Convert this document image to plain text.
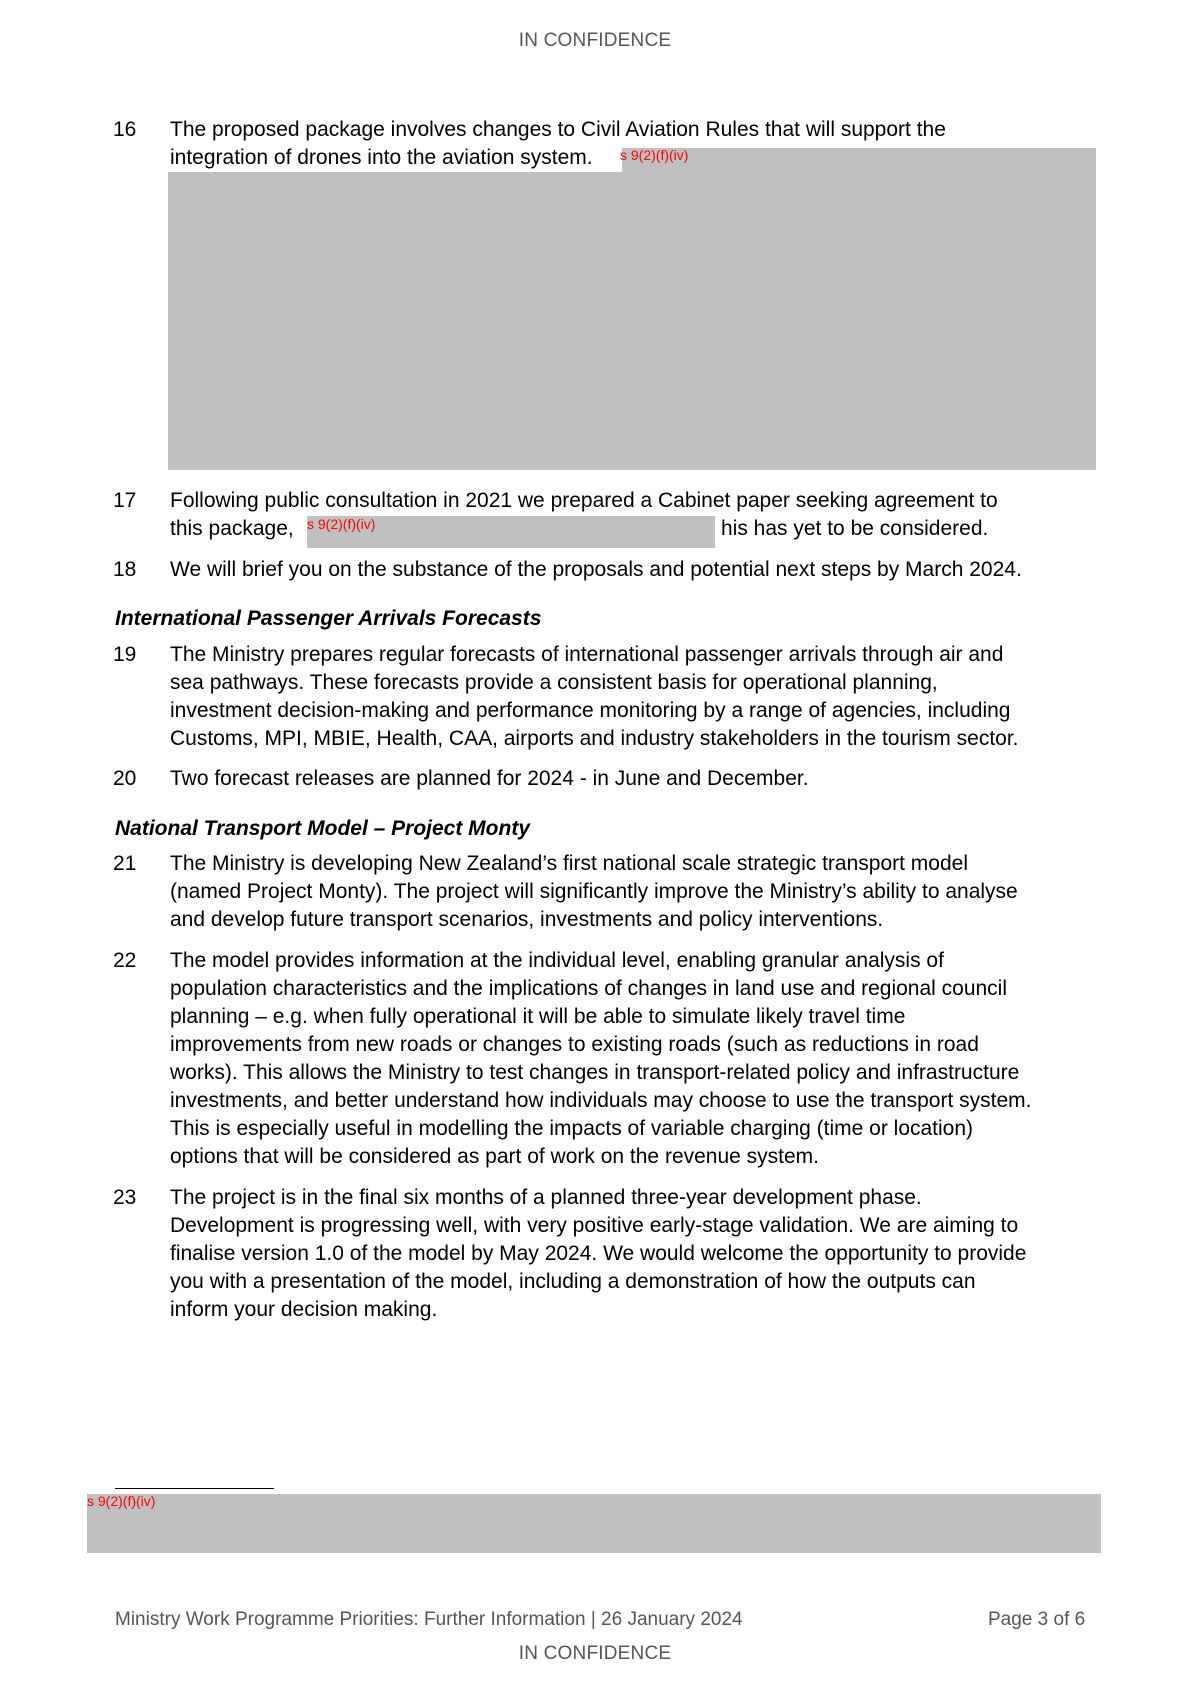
IN CONFIDENCE
16 The proposed package involves changes to Civil Aviation Rules that will support the
integration of drones into the aviation system.	s 9(2)(f)(iv)
17 Following public consultation in 2021 we prepared a Cabinet paper seeking agreement to
this package, s 9(2)(f)(iv)	his has yet to be considered.
18 We will brief you on the substance of the proposals and potential next steps by March 2024.
International Passenger Arrivals Forecasts
19 The Ministry prepares regular forecasts of international passenger arrivals through air and
sea pathways. These forecasts provide a consistent basis for operational planning,
investment decision-making and performance monitoring by a range of agencies, including
Customs, MPI, MBIE, Health, CAA, airports and industry stakeholders in the tourism sector.
20 Two forecast releases are planned for 2024 - in June and December.
National Transport Model – Project Monty
21 The Ministry is developing New Zealand’s first national scale strategic transport model
(named Project Monty). The project will significantly improve the Ministry’s ability to analyse
and develop future transport scenarios, investments and policy interventions.
22 The model provides information at the individual level, enabling granular analysis of
population characteristics and the implications of changes in land use and regional council
planning – e.g. when fully operational it will be able to simulate likely travel time
improvements from new roads or changes to existing roads (such as reductions in road
works). This allows the Ministry to test changes in transport-related policy and infrastructure
investments, and better understand how individuals may choose to use the transport system.
This is especially useful in modelling the impacts of variable charging (time or location)
options that will be considered as part of work on the revenue system.
23 The project is in the final six months of a planned three-year development phase.
Development is progressing well, with very positive early-stage validation. We are aiming to
finalise version 1.0 of the model by May 2024. We would welcome the opportunity to provide
you with a presentation of the model, including a demonstration of how the outputs can
inform your decision making.
s 9(2)(f)(iv)
Ministry Work Programme Priorities: Further Information | 26 January 2024	Page 3 of 6
IN CONFIDENCE
